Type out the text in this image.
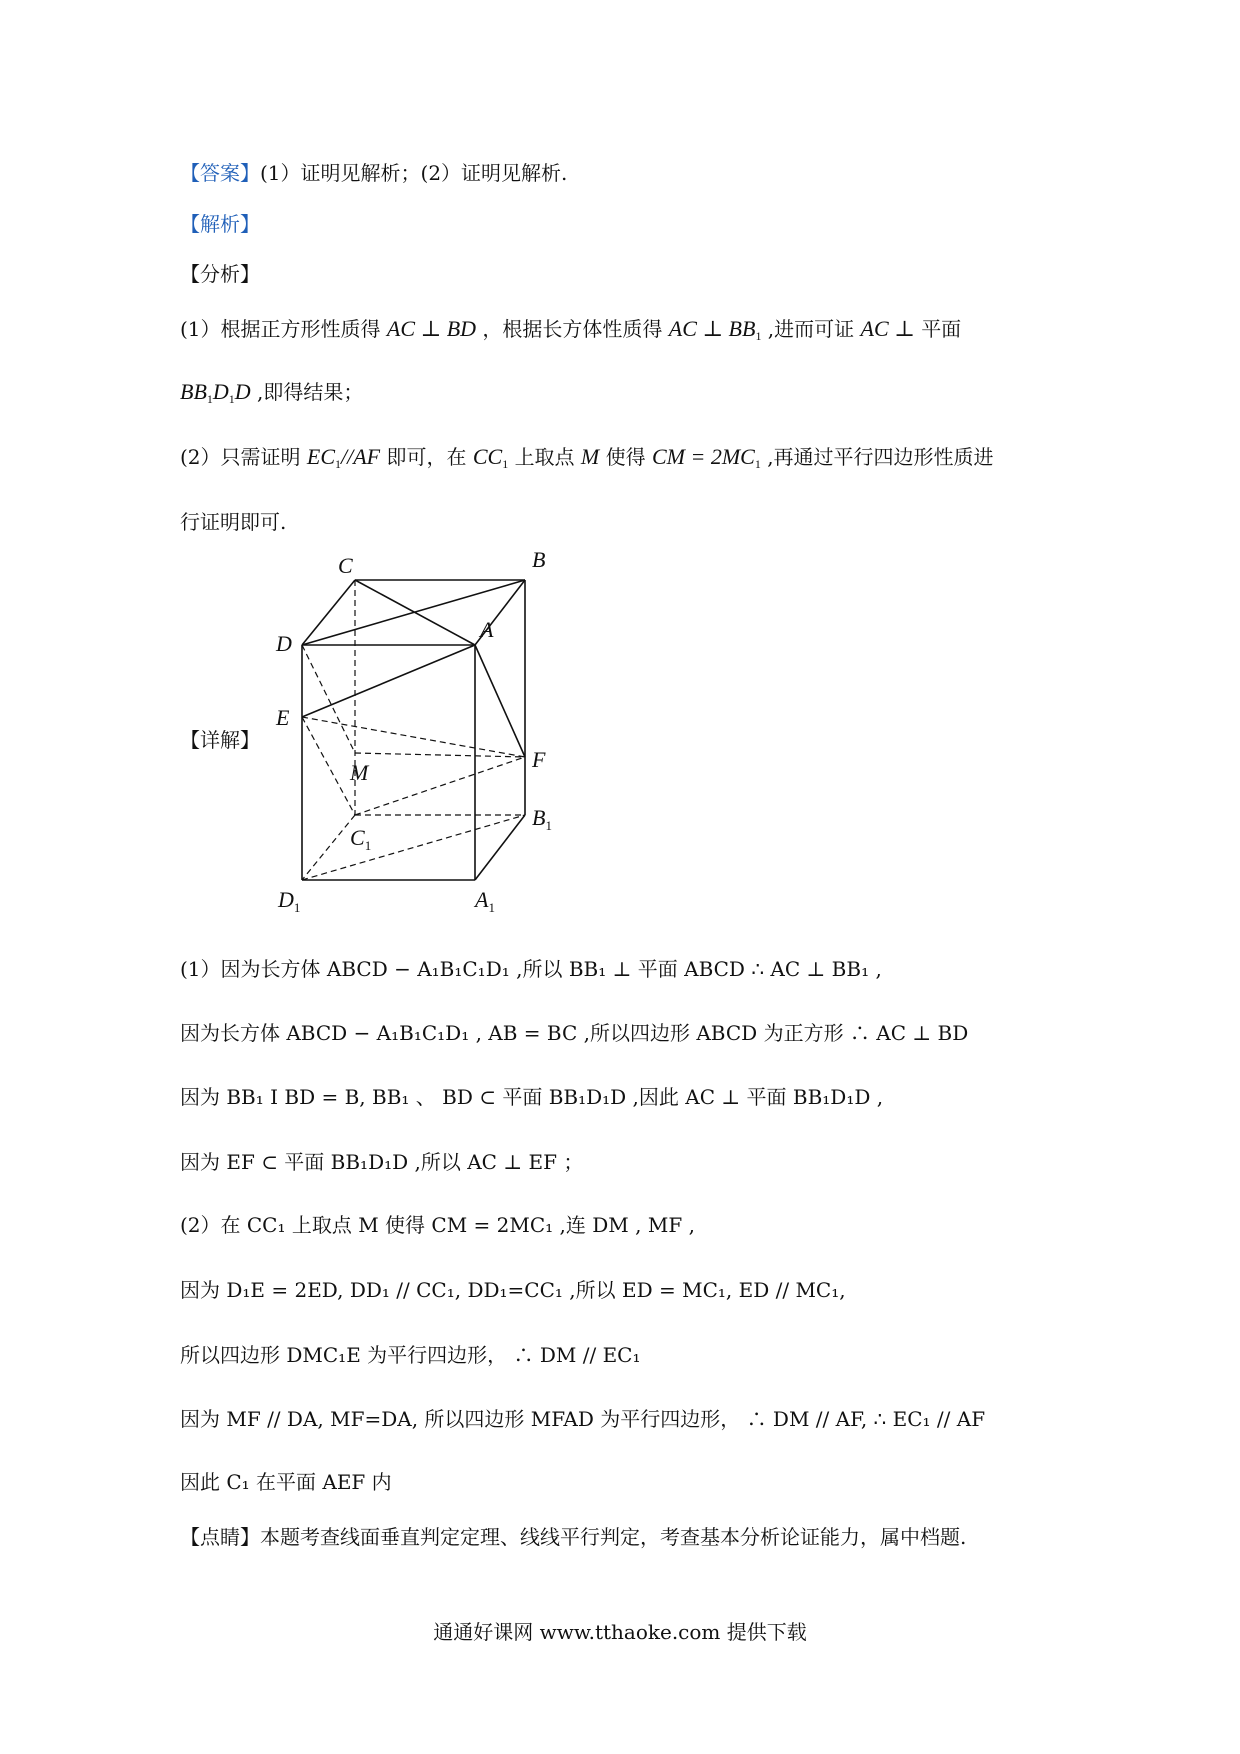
【答案】(1）证明见解析；(2）证明见解析.
【解析】
【分析】
(1）根据正方形性质得 AC ⊥ BD ，根据长方体性质得 AC ⊥ $BB_1$ ,进而可证 AC ⊥ 平面
$BB_1D_1D$ ,即得结果；
(2）只需证明 $EC_1//AF$ 即可，在 $CC_1$ 上取点 M 使得 CM = $2MC_1$ ,再通过平行四边形性质进
行证明即可.
【详解】
C	B
D
A
E
M
F
$C_1$
$B_1$
$D_1$	$A_1$
(1）因为长方体 ABCD − A₁B₁C₁D₁ ,所以 BB₁ ⊥ 平面 ABCD ∴ AC ⊥ BB₁ ,
因为长方体 ABCD − A₁B₁C₁D₁ , AB = BC ,所以四边形 ABCD 为正方形 ∴ AC ⊥ BD
因为 BB₁ I BD = B, BB₁ 、 BD ⊂ 平面 BB₁D₁D ,因此 AC ⊥ 平面 BB₁D₁D ,
因为 EF ⊂ 平面 BB₁D₁D ,所以 AC ⊥ EF ；
(2）在 CC₁ 上取点 M 使得 CM = 2MC₁ ,连 DM , MF ,
因为 D₁E = 2ED, DD₁ // CC₁, DD₁=CC₁ ,所以 ED = MC₁, ED // MC₁,
所以四边形 DMC₁E 为平行四边形， ∴ DM // EC₁
因为 MF // DA, MF=DA, 所以四边形 MFAD 为平行四边形， ∴ DM // AF, ∴ EC₁ // AF
因此 C₁ 在平面 AEF 内
【点睛】本题考查线面垂直判定定理、线线平行判定，考查基本分析论证能力，属中档题.
通通好课网 www.tthaoke.com 提供下载
